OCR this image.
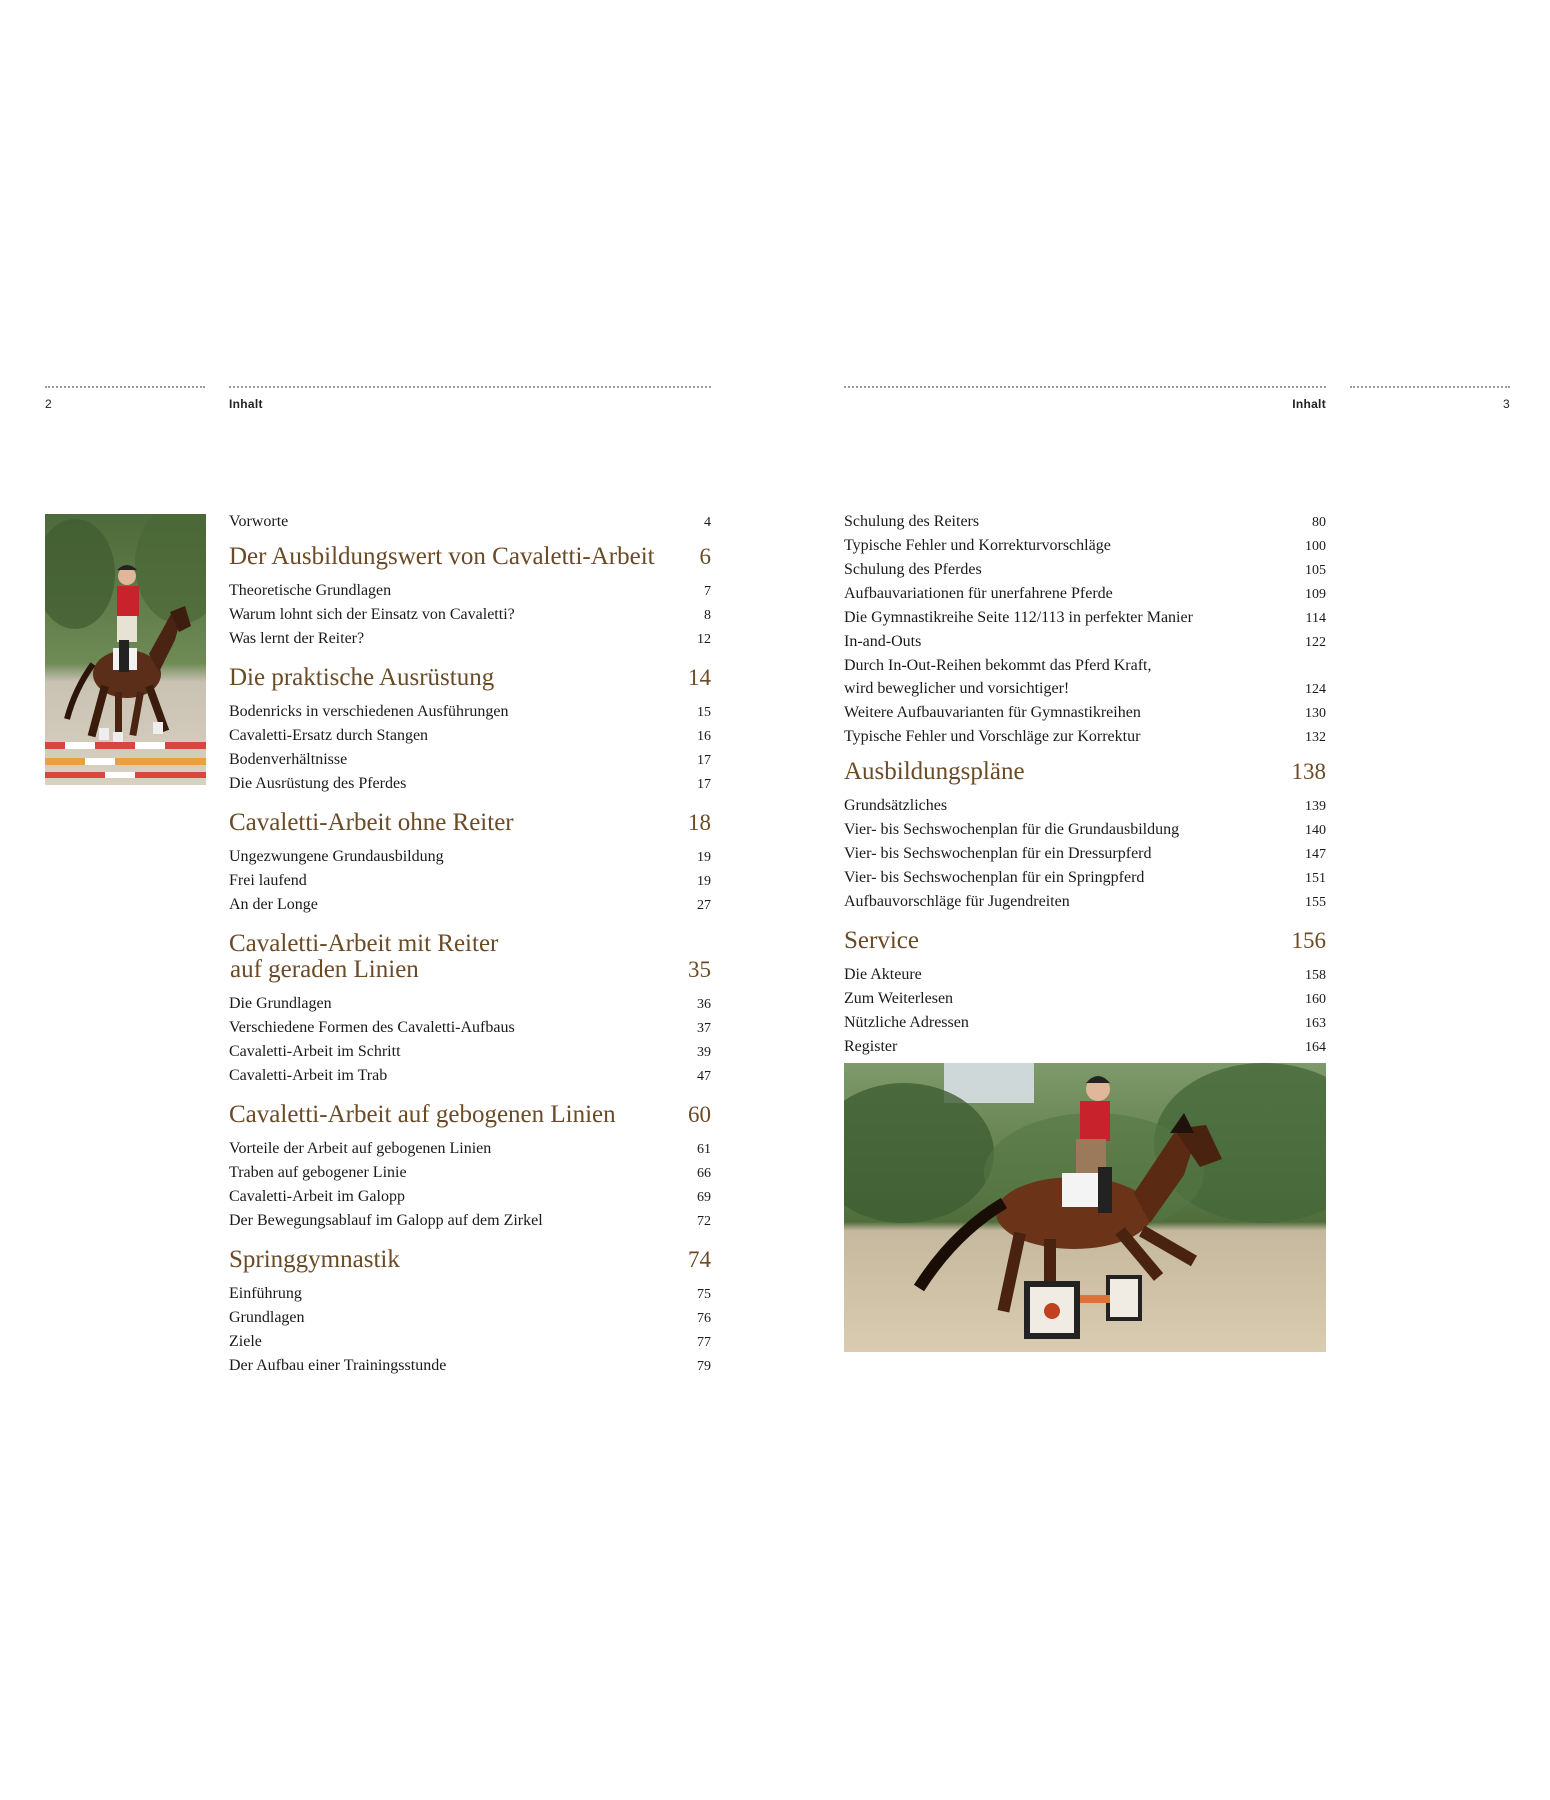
2	Inhalt
Vorworte	4
Der Ausbildungswert von Cavaletti-Arbeit	6
Theoretische Grundlagen	7
Warum lohnt sich der Einsatz von Cavaletti?	8
Was lernt der Reiter?	12
Die praktische Ausrüstung	14
Bodenricks in verschiedenen Ausführungen	15
Cavaletti-Ersatz durch Stangen	16
Bodenverhältnisse	17
Die Ausrüstung des Pferdes	17
Cavaletti-Arbeit ohne Reiter	18
Ungezwungene Grundausbildung	19
Frei laufend	19
An der Longe	27
Cavaletti-Arbeit mit Reiter
auf geraden Linien	35
Die Grundlagen	36
Verschiedene Formen des Cavaletti-Aufbaus	37
Cavaletti-Arbeit im Schritt	39
Cavaletti-Arbeit im Trab	47
Cavaletti-Arbeit auf gebogenen Linien	60
Vorteile der Arbeit auf gebogenen Linien	61
Traben auf gebogener Linie	66
Cavaletti-Arbeit im Galopp	69
Der Bewegungsablauf im Galopp auf dem Zirkel	72
Springgymnastik	74
Einführung	75
Grundlagen	76
Ziele	77
Der Aufbau einer Trainingsstunde	79
Inhalt	3
Schulung des Reiters	80
Typische Fehler und Korrekturvorschläge	100
Schulung des Pferdes	105
Aufbauvariationen für unerfahrene Pferde	109
Die Gymnastikreihe Seite 112/113 in perfekter Manier	114
In-and-Outs	122
Durch In-Out-Reihen bekommt das Pferd Kraft,
wird beweglicher und vorsichtiger!	124
Weitere Aufbauvarianten für Gymnastikreihen	130
Typische Fehler und Vorschläge zur Korrektur	132
Ausbildungspläne	138
Grundsätzliches	139
Vier- bis Sechswochenplan für die Grundausbildung	140
Vier- bis Sechswochenplan für ein Dressurpferd	147
Vier- bis Sechswochenplan für ein Springpferd	151
Aufbauvorschläge für Jugendreiten	155
Service	156
Die Akteure	158
Zum Weiterlesen	160
Nützliche Adressen	163
Register	164
